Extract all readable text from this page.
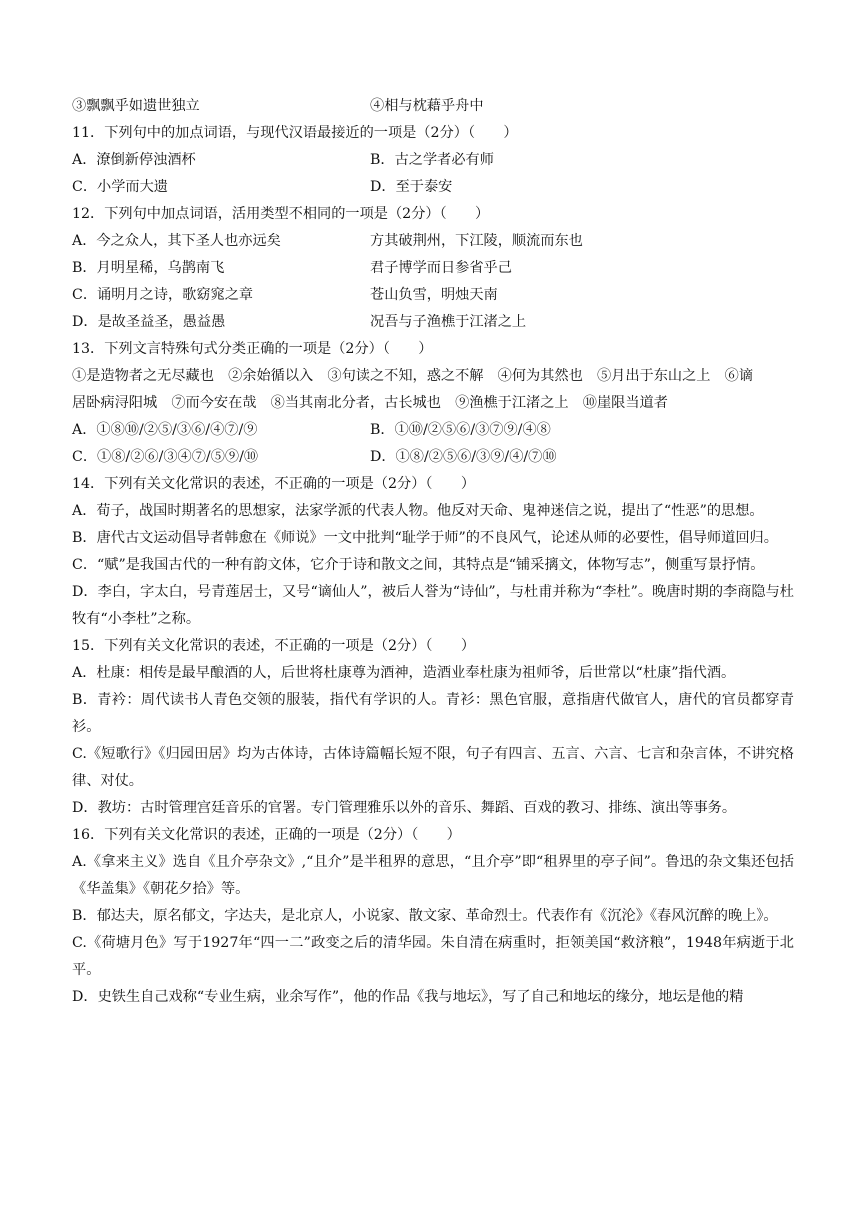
③飘飘乎如遗世独立	④相与枕藉乎舟中
11．下列句中的加点词语，与现代汉语最接近的一项是（2分）（　　）
A．潦倒新停浊酒杯	B．古之学者必有师
C．小学而大遗	D．至于泰安
12．下列句中加点词语，活用类型不相同的一项是（2分）（　　）
A．今之众人，其下圣人也亦远矣	方其破荆州，下江陵，顺流而东也
B．月明星稀，乌鹊南飞	君子博学而日参省乎己
C．诵明月之诗，歌窈窕之章	苍山负雪，明烛天南
D．是故圣益圣，愚益愚	况吾与子渔樵于江渚之上
13．下列文言特殊句式分类正确的一项是（2分）（　　）
①是造物者之无尽藏也　②余始循以入　③句读之不知，惑之不解　④何为其然也　⑤月出于东山之上　⑥谪
居卧病浔阳城　⑦而今安在哉　⑧当其南北分者，古长城也　⑨渔樵于江渚之上　⑩崖限当道者
A．①⑧⑩/②⑤/③⑥/④⑦/⑨	B．①⑩/②⑤⑥/③⑦⑨/④⑧
C．①⑧/②⑥/③④⑦/⑤⑨/⑩	D．①⑧/②⑤⑥/③⑨/④/⑦⑩
14．下列有关文化常识的表述，不正确的一项是（2分）（　　）
A．荀子，战国时期著名的思想家，法家学派的代表人物。他反对天命、鬼神迷信之说，提出了“性恶”的思想。
B．唐代古文运动倡导者韩愈在《师说》一文中批判“耻学于师”的不良风气，论述从师的必要性，倡导师道回归。
C．“赋”是我国古代的一种有韵文体，它介于诗和散文之间，其特点是“铺采摛文，体物写志”，侧重写景抒情。
D．李白，字太白，号青莲居士，又号“谪仙人”，被后人誉为“诗仙”，与杜甫并称为“李杜”。晚唐时期的李商隐与杜牧有“小李杜”之称。
15．下列有关文化常识的表述，不正确的一项是（2分）（　　）
A．杜康：相传是最早酿酒的人，后世将杜康尊为酒神，造酒业奉杜康为祖师爷，后世常以“杜康”指代酒。
B．青衿：周代读书人青色交领的服装，指代有学识的人。青衫：黑色官服，意指唐代做官人，唐代的官员都穿青衫。
C.《短歌行》《归园田居》均为古体诗，古体诗篇幅长短不限，句子有四言、五言、六言、七言和杂言体，不讲究格律、对仗。
D．教坊：古时管理宫廷音乐的官署。专门管理雅乐以外的音乐、舞蹈、百戏的教习、排练、演出等事务。
16．下列有关文化常识的表述，正确的一项是（2分）（　　）
A.《拿来主义》选自《且介亭杂文》,“且介”是半租界的意思，“且介亭”即“租界里的亭子间”。鲁迅的杂文集还包括《华盖集》《朝花夕拾》等。
B．郁达夫，原名郁文，字达夫，是北京人，小说家、散文家、革命烈士。代表作有《沉沦》《春风沉醉的晚上》。
C.《荷塘月色》写于1927年“四一二”政变之后的清华园。朱自清在病重时，拒领美国“救济粮”，1948年病逝于北平。
D．史铁生自己戏称“专业生病，业余写作”，他的作品《我与地坛》，写了自己和地坛的缘分，地坛是他的精
